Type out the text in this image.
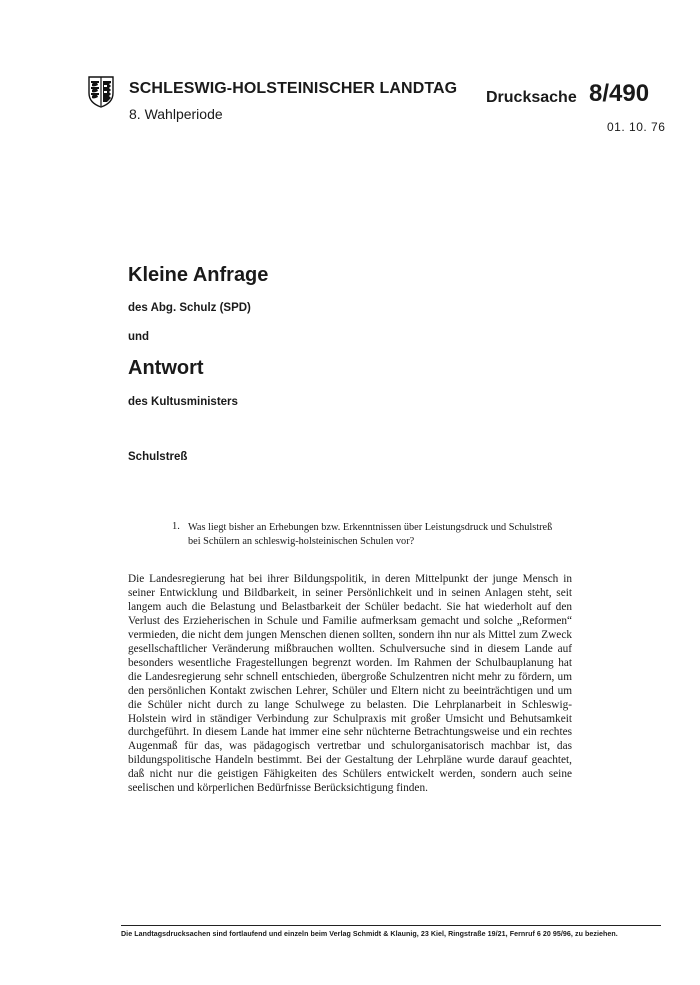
SCHLESWIG-HOLSTEINISCHER LANDTAG
8. Wahlperiode
Drucksache 8/490
01. 10. 76
Kleine Anfrage
des Abg. Schulz (SPD)
und
Antwort
des Kultusministers
Schulstreß
1. Was liegt bisher an Erhebungen bzw. Erkenntnissen über Leistungsdruck und Schulstreß bei Schülern an schleswig-holsteinischen Schulen vor?
Die Landesregierung hat bei ihrer Bildungspolitik, in deren Mittelpunkt der junge Mensch in seiner Entwicklung und Bildbarkeit, in seiner Persönlichkeit und in seinen Anlagen steht, seit langem auch die Belastung und Belastbarkeit der Schüler bedacht. Sie hat wiederholt auf den Verlust des Erzieherischen in Schule und Familie aufmerksam gemacht und solche „Reformen“ vermieden, die nicht dem jungen Menschen dienen sollten, sondern ihn nur als Mittel zum Zweck gesellschaftlicher Veränderung mißbrauchen wollten. Schulversuche sind in diesem Lande auf besonders wesentliche Fragestellungen begrenzt worden. Im Rahmen der Schulbauplanung hat die Landesregierung sehr schnell entschieden, übergroße Schulzentren nicht mehr zu fördern, um den persönlichen Kontakt zwischen Lehrer, Schüler und Eltern nicht zu beeinträchtigen und um die Schüler nicht durch zu lange Schulwege zu belasten. Die Lehrplanarbeit in Schleswig-Holstein wird in ständiger Verbindung zur Schulpraxis mit großer Umsicht und Behutsamkeit durchgeführt. In diesem Lande hat immer eine sehr nüchterne Betrachtungsweise und ein rechtes Augenmaß für das, was pädagogisch vertretbar und schulorganisatorisch machbar ist, das bildungspolitische Handeln bestimmt. Bei der Gestaltung der Lehrpläne wurde darauf geachtet, daß nicht nur die geistigen Fähigkeiten des Schülers entwickelt werden, sondern auch seine seelischen und körperlichen Bedürfnisse Berücksichtigung finden.
Die Landtagsdrucksachen sind fortlaufend und einzeln beim Verlag Schmidt & Klaunig, 23 Kiel, Ringstraße 19/21, Fernruf 6 20 95/96, zu beziehen.
